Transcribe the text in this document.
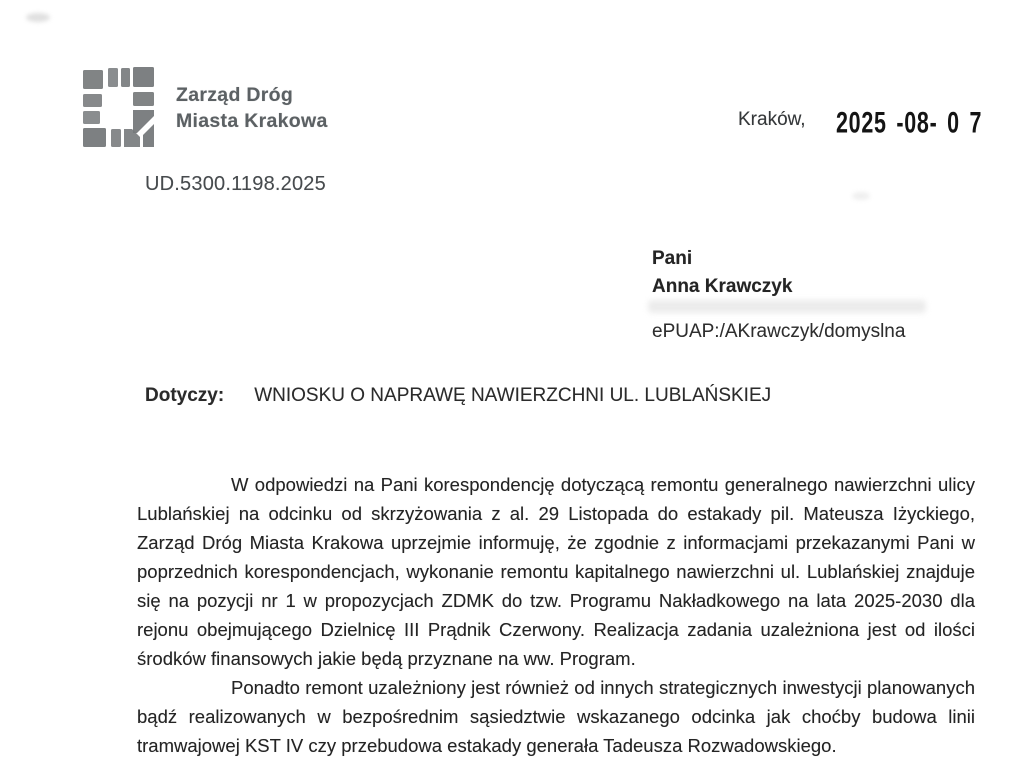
Zarząd Dróg
Miasta Krakowa	Kraków, 2025 -08- 0 7
UD.5300.1198.2025
Pani
Anna Krawczyk
ePUAP:/AKrawczyk/domyslna
Dotyczy: WNIOSKU O NAPRAWĘ NAWIERZCHNI UL. LUBLAŃSKIEJ

W odpowiedzi na Pani korespondencję dotyczącą remontu generalnego nawierzchni ulicy Lublańskiej na odcinku od skrzyżowania z al. 29 Listopada do estakady pil. Mateusza Iżyckiego, Zarząd Dróg Miasta Krakowa uprzejmie informuję, że zgodnie z informacjami przekazanymi Pani w poprzednich korespondencjach, wykonanie remontu kapitalnego nawierzchni ul. Lublańskiej znajduje się na pozycji nr 1 w propozycjach ZDMK do tzw. Programu Nakładkowego na lata 2025-2030 dla rejonu obejmującego Dzielnicę III Prądnik Czerwony. Realizacja zadania uzależniona jest od ilości środków finansowych jakie będą przyznane na ww. Program.

Ponadto remont uzależniony jest również od innych strategicznych inwestycji planowanych bądź realizowanych w bezpośrednim sąsiedztwie wskazanego odcinka jak choćby budowa linii tramwajowej KST IV czy przebudowa estakady generała Tadeusza Rozwadowskiego.
